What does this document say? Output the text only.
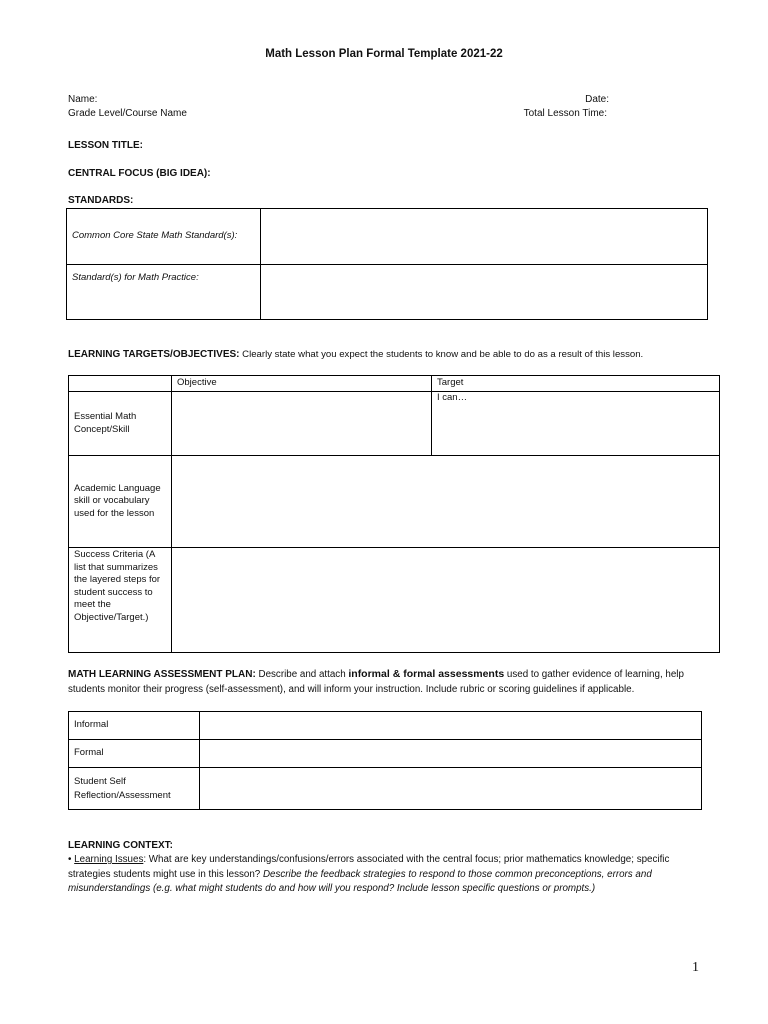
Math Lesson Plan Formal Template 2021-22
Name:
Grade Level/Course Name
Date:
Total Lesson Time:
LESSON TITLE:
CENTRAL FOCUS (BIG IDEA):
STANDARDS:
Common Core State Math Standard(s):	
Standard(s) for Math Practice:	
LEARNING TARGETS/OBJECTIVES: Clearly state what you expect the students to know and be able to do as a result of this lesson.
	Objective	Target
Essential Math Concept/Skill		I can…
Academic Language skill or vocabulary used for the lesson		
Success Criteria (A list that summarizes the layered steps for student success to meet the Objective/Target.)		
MATH LEARNING ASSESSMENT PLAN: Describe and attach informal & formal assessments used to gather evidence of learning, help students monitor their progress (self-assessment), and will inform your instruction. Include rubric or scoring guidelines if applicable.
Informal	
Formal	
Student Self Reflection/Assessment	
LEARNING CONTEXT:
• Learning Issues: What are key understandings/confusions/errors associated with the central focus; prior mathematics knowledge; specific strategies students might use in this lesson? Describe the feedback strategies to respond to those common preconceptions, errors and misunderstandings (e.g. what might students do and how will you respond? Include lesson specific questions or prompts.)
1
